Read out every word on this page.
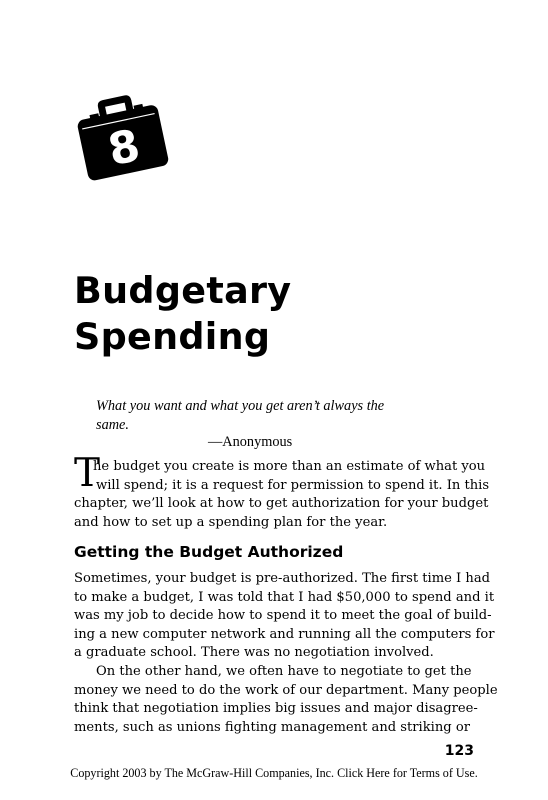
8
Budgetary
Spending
What you want and what you get aren’t always the
same.
—Anonymous
T
he budget you create is more than an estimate of what you
will spend; it is a request for permission to spend it. In this
chapter, we’ll look at how to get authorization for your budget
and how to set up a spending plan for the year.
Getting the Budget Authorized
Sometimes, your budget is pre-authorized. The first time I had
to make a budget, I was told that I had $50,000 to spend and it
was my job to decide how to spend it to meet the goal of build-
ing a new computer network and running all the computers for
a graduate school. There was no negotiation involved.
On the other hand, we often have to negotiate to get the
money we need to do the work of our department. Many people
think that negotiation implies big issues and major disagree-
ments, such as unions fighting management and striking or
123
Copyright 2003 by The McGraw-Hill Companies, Inc. Click Here for Terms of Use.
